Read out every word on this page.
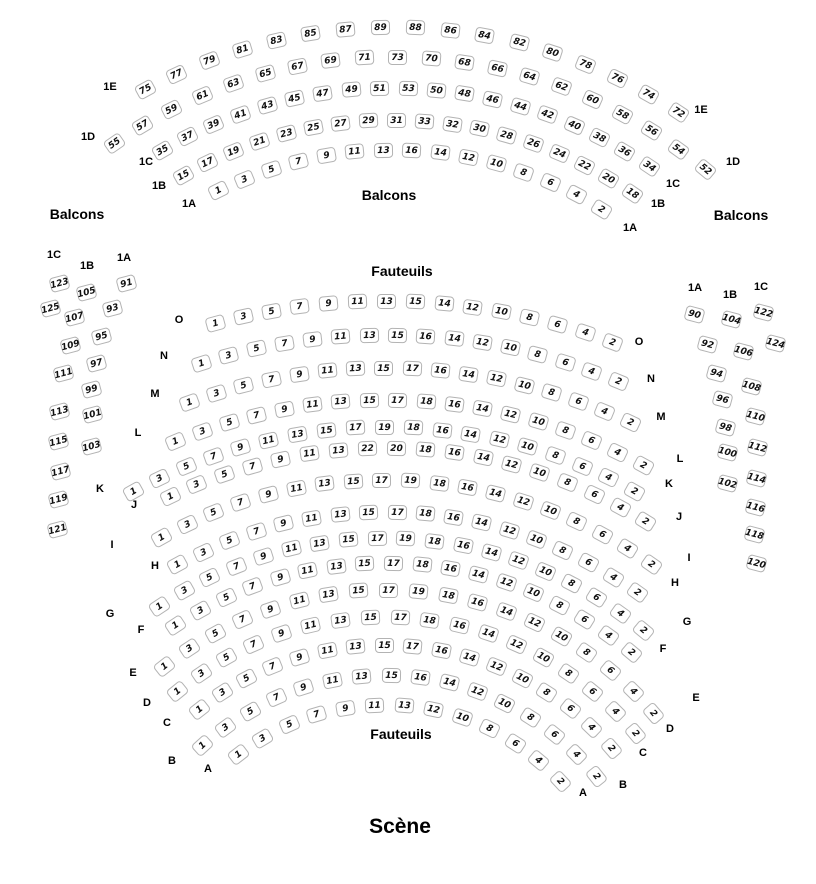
Balcons
Balcons
Balcons
Fauteuils
Fauteuils
Scène
1
3
5
7
9	11	13	16	14	12
10
8
6
4
2
1A
1A
15
17
19
21
23	25	27	29	31	33	32	30
28
26
24
22
20
18
1B
1B
35
37
39
41
43
45	47	49	51	53	50	48	46
44
42
40
38
36
34
1C
1C
55
57
59
61
63
65
67	69	71	73	70	68	66
64
62
60
58
56
54
52
1D
1D
75
77
79
81
83
85	87	89	88	86	84
82
80
78
76
74
72
1E
1E
1
3
5	7	9	11	13	15	14	12	10	8
6
4
2
O
O
1
3
5	7	9	11	13	15	16	14	12	10
8
6
4
2
N
N
1
3
5
7	9	11	13	15	17	16	14	12	10
8
6
4
2
M
M
1
3
5
7
9	11	13	15	17	18	16	14	12
10
8
6
4
2
L
L
1
3
5
7
9
11	13	15	17	19	18	16	14	12
10
8
6
4
2
K	K
1
3
5
7
9	11	13	22	20	18	16	14
12
10
8
6
4
2
J
J
1
3
5
7
9
11	13	15	17	19	18	16	14
12
10
8
6
4
2
I
I
1
3
5
7
9	11	13	15	17	18	16	14
12
10
8
6
4
2
H
H
1
3
5
7
9
11	13	15	17	19	18	16
14
12
10
8
6
4
2
G
G
1
3
5
7
9
11	13	15	17	18	16	14
12
10
8
6
4
2
F
F
1
3
5
7
9
11	13	15	17	19	18
16
14
12
10
8
6
4
2
E
E
1
3
5
7
9
11	13	15	17	18	16
14
12
10
8
6
4
2
D
D
1
3
5
7
9
11	13	15	17	16
14
12
10
8
6
4
2
C
C
1
3
5
7
9
11	13	15	16	14
12
10
8
6
4
2
B
B
1
3
5
7
9	11	13	12
10
8
6
4
2
A
A
123
125
1C
105
107
109
111
113
115
117
119
121
1B
91
93
95
97
99
101
103
1A
90
92
94
96
98
100
102
1A
104
106
108
110
112
114
116
118
120
1B
122
124
1C
